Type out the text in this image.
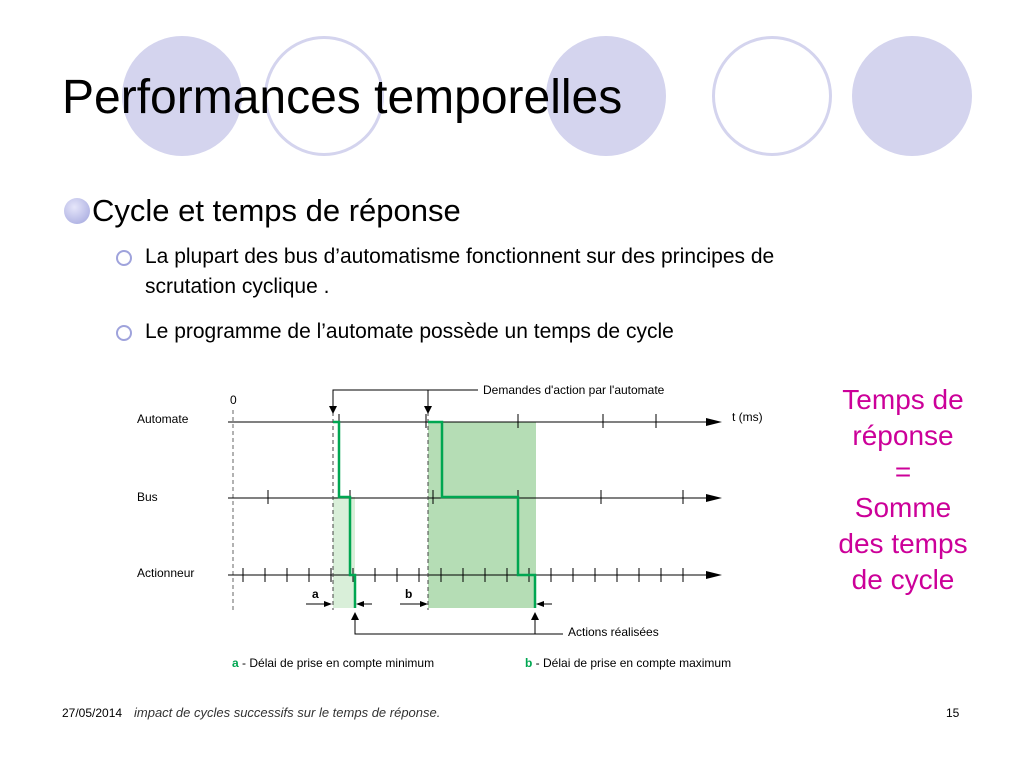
Performances temporelles
Cycle et temps de réponse
La plupart des bus d’automatisme fonctionnent sur des principes de scrutation cyclique .
Le programme de l’automate possède un temps de cycle
Automate
Bus
Actionneur
0
t (ms)
Demandes d'action par l'automate
a	b
Actions réalisées
a - Délai de prise en compte minimum	b - Délai de prise en compte maximum
Temps de
réponse
=
Somme
des temps
de cycle
27/05/2014 impact de cycles successifs sur le temps de réponse.	15
